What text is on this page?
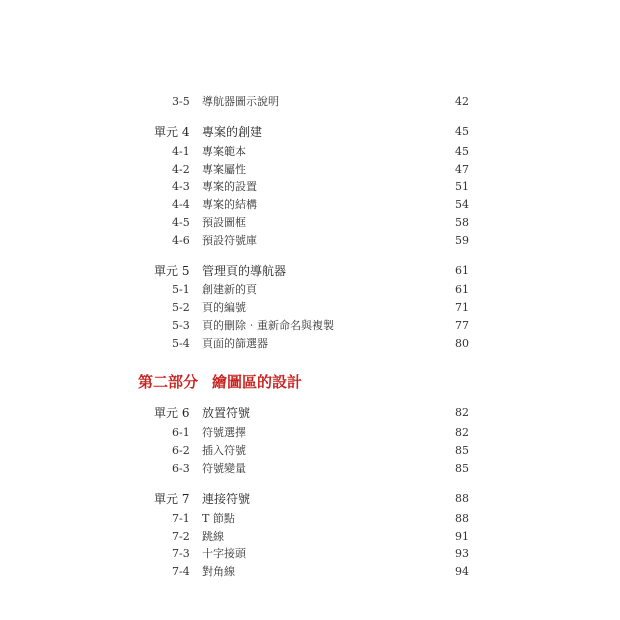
3-5 導航器圖示說明	42
單元 4 專案的創建	45
4-1 專案範本	45
4-2 專案屬性	47
4-3 專案的設置	51
4-4 專案的結構	54
4-5 預設圖框	58
4-6 預設符號庫	59
單元 5 管理頁的導航器	61
5-1 創建新的頁	61
5-2 頁的編號	71
5-3 頁的刪除‧重新命名與複製	77
5-4 頁面的篩選器	80
第二部分 繪圖區的設計
單元 6 放置符號	82
6-1 符號選擇	82
6-2 插入符號	85
6-3 符號變量	85
單元 7 連接符號	88
7-1 T 節點	88
7-2 跳線	91
7-3 十字接頭	93
7-4 對角線	94
